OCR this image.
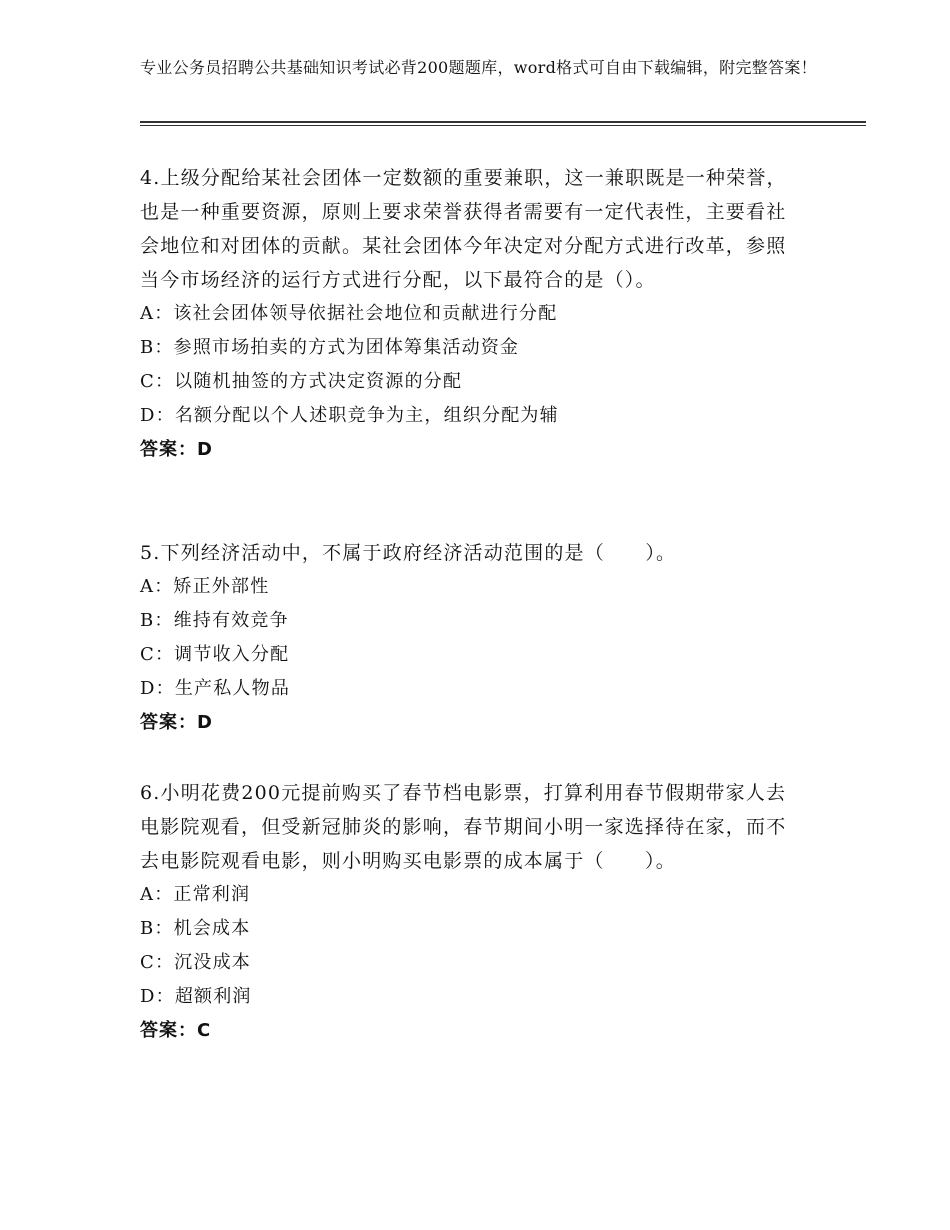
专业公务员招聘公共基础知识考试必背200题题库，word格式可自由下载编辑，附完整答案！

4.上级分配给某社会团体一定数额的重要兼职，这一兼职既是一种荣誉，也是一种重要资源，原则上要求荣誉获得者需要有一定代表性，主要看社会地位和对团体的贡献。某社会团体今年决定对分配方式进行改革，参照当今市场经济的运行方式进行分配，以下最符合的是（）。

A：该社会团体领导依据社会地位和贡献进行分配

B：参照市场拍卖的方式为团体筹集活动资金

C：以随机抽签的方式决定资源的分配

D：名额分配以个人述职竞争为主，组织分配为辅

答案：D

5.下列经济活动中，不属于政府经济活动范围的是（　　）。

A：矫正外部性

B：维持有效竞争

C：调节收入分配

D：生产私人物品

答案：D

6.小明花费200元提前购买了春节档电影票，打算利用春节假期带家人去电影院观看，但受新冠肺炎的影响，春节期间小明一家选择待在家，而不去电影院观看电影，则小明购买电影票的成本属于（　　）。

A：正常利润

B：机会成本

C：沉没成本

D：超额利润

答案：C
